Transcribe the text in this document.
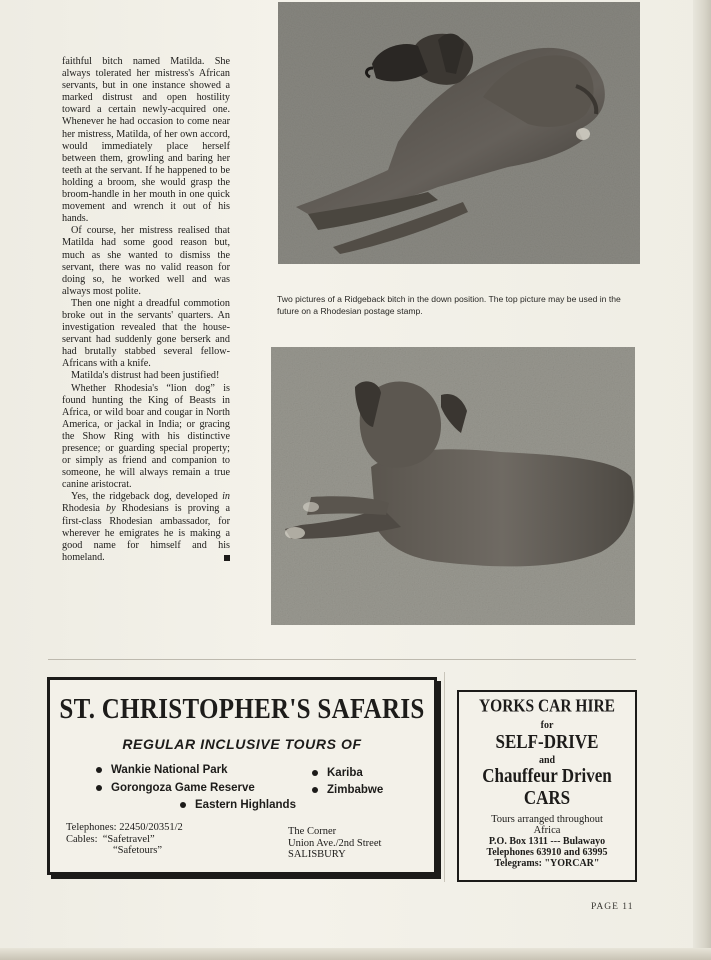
faithful bitch named Matilda. She always tolerated her mistress's African servants, but in one instance showed a marked distrust and open hostility toward a certain newly-acquired one. Whenever he had occasion to come near her mistress, Matilda, of her own accord, would immediately place herself between them, growling and baring her teeth at the servant. If he happened to be holding a broom, she would grasp the broom-handle in her mouth in one quick movement and wrench it out of his hands.

Of course, her mistress realised that Matilda had some good reason but, much as she wanted to dismiss the servant, there was no valid reason for doing so, he worked well and was always most polite.

Then one night a dreadful commotion broke out in the servants' quarters. An investigation revealed that the house-servant had suddenly gone berserk and had brutally stabbed several fellow-Africans with a knife.

Matilda's distrust had been justified!

Whether Rhodesia's “lion dog” is found hunting the King of Beasts in Africa, or wild boar and cougar in North America, or jackal in India; or gracing the Show Ring with his distinctive presence; or guarding special property; or simply as friend and companion to someone, he will always remain a true canine aristocrat.

Yes, the ridgeback dog, developed in Rhodesia by Rhodesians is proving a first-class Rhodesian ambassador, for wherever he emigrates he is making a good name for himself and his homeland.

Two pictures of a Ridgeback bitch in the down position. The top picture may be used in the future on a Rhodesian postage stamp.
ST. CHRISTOPHER'S SAFARIS
REGULAR INCLUSIVE TOURS OF
Wankie National Park
Gorongoza Game Reserve
Eastern Highlands
Kariba
Zimbabwe
Telephones: 22450/20351/2
Cables: “Safetravel”
“Safetours”
The Corner
Union Ave./2nd Street
SALISBURY
YORKS CAR HIRE
for
SELF-DRIVE
and
Chauffeur Driven
CARS
Tours arranged throughout
Africa
P.O. Box 1311 --- Bulawayo
Telephones 63910 and 63995
Telegrams: "YORCAR"
PAGE 11
